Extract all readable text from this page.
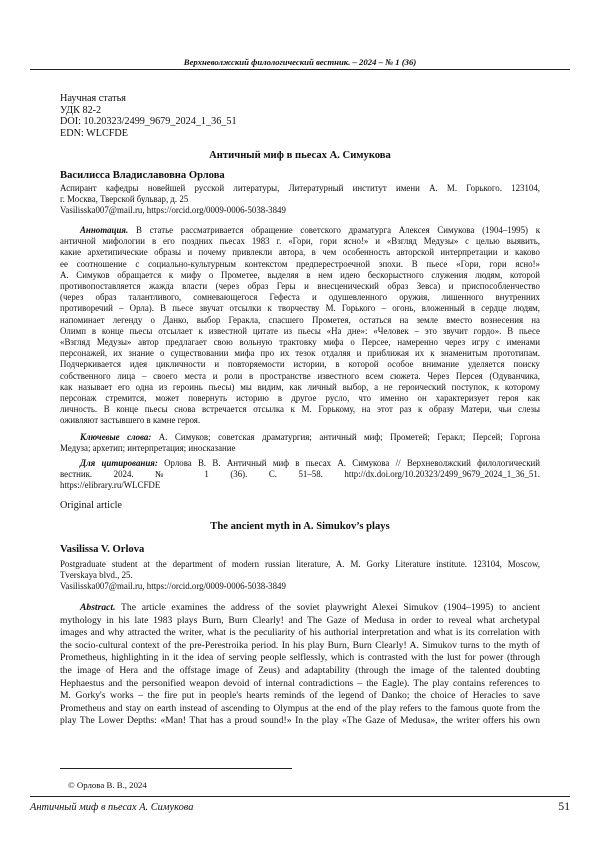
Верхневолжский филологический вестник. – 2024 – № 1 (36)
Научная статья
УДК 82-2
DOI: 10.20323/2499_9679_2024_1_36_51
EDN: WLCFDE
Античный миф в пьесах А. Симукова
Василисса Владиславовна Орлова
Аспирант кафедры новейшей русской литературы, Литературный институт имени А. М. Горького. 123104,
г. Москва, Тверской бульвар, д. 25
Vasilisska007@mail.ru, https://orcid.org/0009-0006-5038-3849
Аннотация. В статье рассматривается обращение советского драматурга Алексея Симукова (1904–1995) к
античной мифологии в его поздних пьесах 1983 г. «Гори, гори ясно!» и «Взгляд Медузы» с целью выявить,
какие архетипические образы и почему привлекли автора, в чем особенность авторской интерпретации и каково
ее соотношение с социально-культурным контекстом предперестроечной эпохи. В пьесе «Гори, гори ясно!»
А. Симуков обращается к мифу о Прометее, выделяя в нем идею бескорыстного служения людям, которой
противопоставляется жажда власти (через образ Геры и внесценический образ Зевса) и приспособленчество
(через образ талантливого, сомневающегося Гефеста и одушевленного оружия, лишенного внутренних
противоречий – Орла). В пьесе звучат отсылки к творчеству М. Горького – огонь, вложенный в сердце людям,
напоминает легенду о Данко, выбор Геракла, спасшего Прометея, остаться на земле вместо вознесения на
Олимп в конце пьесы отсылает к известной цитате из пьесы «На дне»: «Человек – это звучит гордо». В пьесе
«Взгляд Медузы» автор предлагает свою вольную трактовку мифа о Персее, намеренно через игру с именами
персонажей, их знание о существовании мифа про их тезок отдаляя и приближая их к знаменитым прототипам.
Подчеркивается идея цикличности и повторяемости истории, в которой особое внимание уделяется поиску
собственного лица – своего места и роли в пространстве известного всем сюжета. Через Персея (Одуванчика,
как называет его одна из героинь пьесы) мы видим, как личный выбор, а не героический поступок, к которому
персонаж стремится, может повернуть историю в другое русло, что именно он характеризует героя как
личность. В конце пьесы снова встречается отсылка к М. Горькому, на этот раз к образу Матери, чьи слезы
оживляют застывшего в камне героя.
Ключевые слова: А. Симуков; советская драматургия; античный миф; Прометей; Геракл; Персей; Горгона
Медуза; архетип; интерпретация; иносказание
Для цитирования: Орлова В. В. Античный миф в пьесах А. Симукова // Верхневолжский филологический
вестник. 2024. № 1 (36). С. 51–58. http://dx.doi.org/10.20323/2499_9679_2024_1_36_51.
https://elibrary.ru/WLCFDE
Original article
The ancient myth in A. Simukov’s plays
Vasilissa V. Orlova
Postgraduate student at the department of modern russian literature, A. M. Gorky Literature institute. 123104, Moscow,
Tverskaya blvd., 25.
Vasilisska007@mail.ru, https://orcid.org/0009-0006-5038-3849
Abstract. The article examines the address of the soviet playwright Alexei Simukov (1904–1995) to ancient
mythology in his late 1983 plays Burn, Burn Clearly! and The Gaze of Medusa in order to reveal what archetypal
images and why attracted the writer, what is the peculiarity of his authorial interpretation and what is its correlation with
the socio-cultural context of the pre-Perestroika period. In his play Burn, Burn Clearly! A. Simukov turns to the myth of
Prometheus, highlighting in it the idea of serving people selflessly, which is contrasted with the lust for power (through
the image of Hera and the offstage image of Zeus) and adaptability (through the image of the talented doubting
Hephaestus and the personified weapon devoid of internal contradictions – the Eagle). The play contains references to
M. Gorky's works – the fire put in people's hearts reminds of the legend of Danko; the choice of Heracles to save
Prometheus and stay on earth instead of ascending to Olympus at the end of the play refers to the famous quote from the
play The Lower Depths: «Man! That has a proud sound!» In the play «The Gaze of Medusa», the writer offers his own
© Орлова В. В., 2024
Античный миф в пьесах А. Симукова	51
